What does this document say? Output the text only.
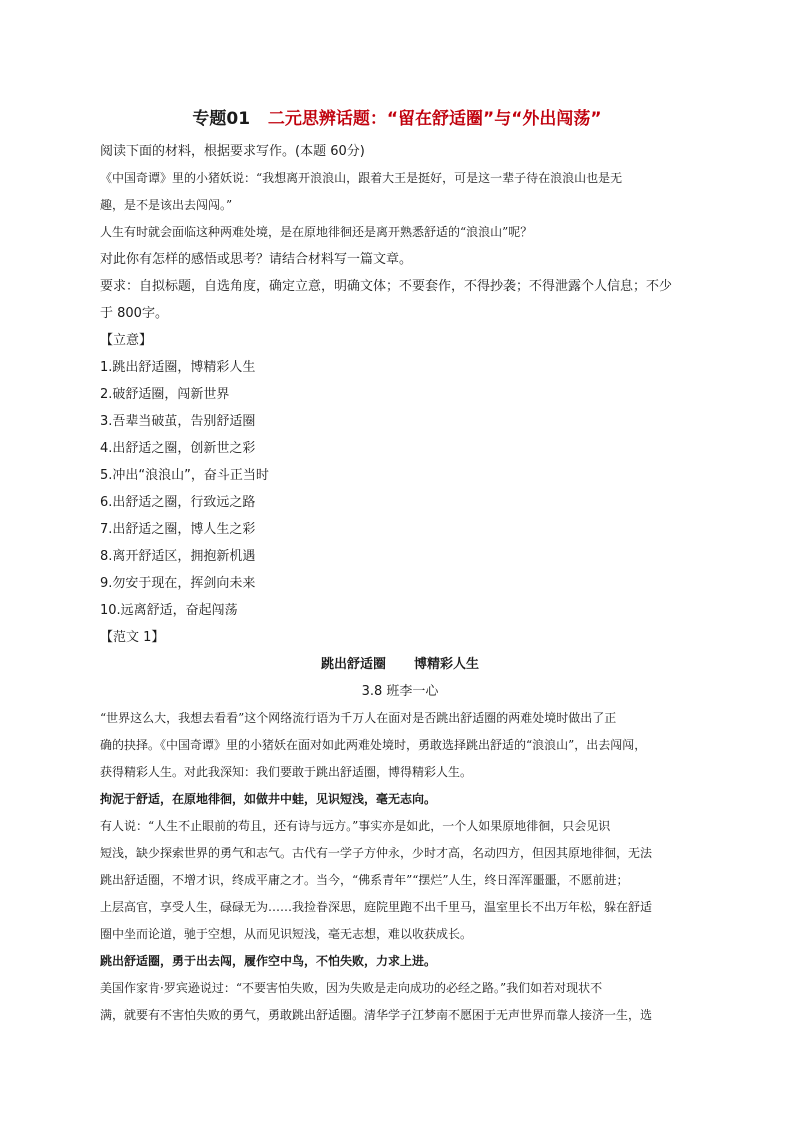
专题01 二元思辨话题：“留在舒适圈”与“外出闯荡”

阅读下面的材料，根据要求写作。(本题 60分)

《中国奇谭》里的小猪妖说：“我想离开浪浪山，跟着大王是挺好，可是这一辈子待在浪浪山也是无

趣，是不是该出去闯闯。”

人生有时就会面临这种两难处境，是在原地徘徊还是离开熟悉舒适的“浪浪山”呢？

对此你有怎样的感悟或思考？请结合材料写一篇文章。

要求：自拟标题，自选角度，确定立意，明确文体；不要套作，不得抄袭；不得泄露个人信息；不少

于 800字。

【立意】

1.跳出舒适圈，博精彩人生

2.破舒适圈，闯新世界

3.吾辈当破茧，告别舒适圈

4.出舒适之圈，创新世之彩

5.冲出“浪浪山”，奋斗正当时

6.出舒适之圈，行致远之路

7.出舒适之圈，博人生之彩

8.离开舒适区，拥抱新机遇

9.勿安于现在，挥剑向未来

10.远离舒适，奋起闯荡

【范文 1】

跳出舒适圈 博精彩人生

3.8 班李一心

“世界这么大，我想去看看”这个网络流行语为千万人在面对是否跳出舒适圈的两难处境时做出了正

确的抉择。《中国奇谭》里的小猪妖在面对如此两难处境时，勇敢选择跳出舒适的“浪浪山”，出去闯闯，

获得精彩人生。对此我深知：我们要敢于跳出舒适圈，博得精彩人生。

拘泥于舒适，在原地徘徊，如做井中蛙，见识短浅，毫无志向。

有人说：“人生不止眼前的苟且，还有诗与远方。”事实亦是如此，一个人如果原地徘徊，只会见识

短浅，缺少探索世界的勇气和志气。古代有一学子方仲永，少时才高，名动四方，但因其原地徘徊，无法

跳出舒适圈，不增才识，终成平庸之才。当今，“佛系青年”“摆烂”人生，终日浑浑噩噩，不愿前进；

上层高官，享受人生，碌碌无为……我捡眷深思，庭院里跑不出千里马，温室里长不出万年松，躲在舒适

圈中坐而论道，驰于空想，从而见识短浅，毫无志想，难以收获成长。

跳出舒适圈，勇于出去闯，履作空中鸟，不怕失败，力求上进。

美国作家肯·罗宾逊说过：“不要害怕失败，因为失败是走向成功的必经之路。”我们如若对现状不

满，就要有不害怕失败的勇气，勇敢跳出舒适圈。清华学子江梦南不愿困于无声世界而靠人接济一生，选
